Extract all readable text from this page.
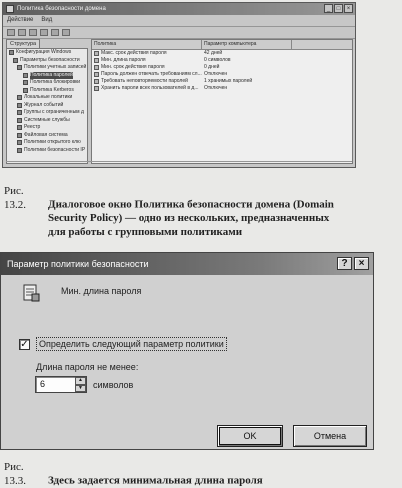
Политика безопасности домена	_	□	×
Действие Вид
Структура
Конфигурация Windows
Параметры безопасности
Политики учетных записей
Политика паролей
Политика блокировки
Политика Kerberos
Локальные политики
Журнал событий
Группы с ограниченным д
Системные службы
Реестр
Файловая система
Политики открытого клю
Политики безопасности IP
Политика	Параметр компьютера
Макс. срок действия пароля	42 дней
Мин. длина пароля	0 символов
Мин. срок действия пароля	0 дней
Пароль должен отвечать требованиям сл... Отключен
Требовать неповторяемости паролей	1 хранимых паролей
Хранить пароли всех пользователей в д...	Отключен
Рис. 13.2. Диалоговое окно Политика безопасности домена (Domain
Security Policy) — одно из нескольких, предназначенных
для работы с групповыми политиками
Параметр политики безопасности	?	×
Мин. длина пароля
✓	Определить следующий параметр политики
Длина пароля не менее:
6	▲
▼	символов
OK	Отмена
Рис. 13.3. Здесь задается минимальная длина пароля
